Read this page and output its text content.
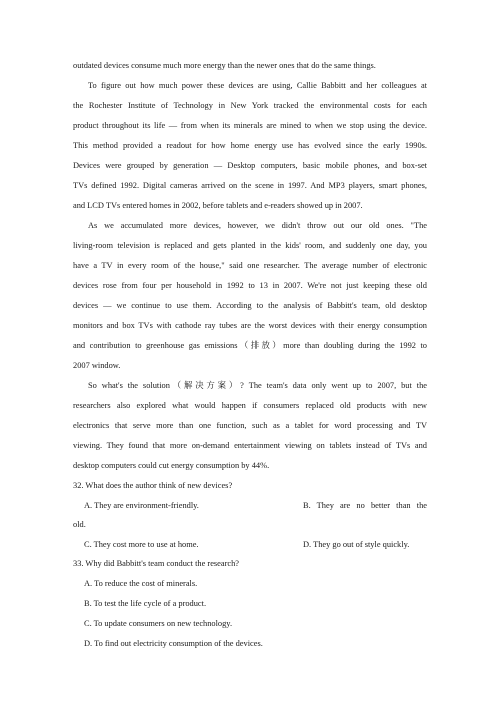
outdated devices consume much more energy than the newer ones that do the same things.
To figure out how much power these devices are using, Callie Babbitt and her colleagues at
the Rochester Institute of Technology in New York tracked the environmental costs for each
product throughout its life — from when its minerals are mined to when we stop using the device.
This method provided a readout for how home energy use has evolved since the early 1990s.
Devices were grouped by generation — Desktop computers, basic mobile phones, and box-set
TVs defined 1992. Digital cameras arrived on the scene in 1997. And MP3 players, smart phones,
and LCD TVs entered homes in 2002, before tablets and e-readers showed up in 2007.
As we accumulated more devices, however, we didn't throw out our old ones. "The
living-room television is replaced and gets planted in the kids' room, and suddenly one day, you
have a TV in every room of the house," said one researcher. The average number of electronic
devices rose from four per household in 1992 to 13 in 2007. We're not just keeping these old
devices — we continue to use them. According to the analysis of Babbitt's team, old desktop
monitors and box TVs with cathode ray tubes are the worst devices with their energy consumption
and contribution to greenhouse gas emissions（排放）more than doubling during the 1992 to
2007 window.
So what's the solution（解决方案）? The team's data only went up to 2007, but the
researchers also explored what would happen if consumers replaced old products with new
electronics that serve more than one function, such as a tablet for word processing and TV
viewing. They found that more on-demand entertainment viewing on tablets instead of TVs and
desktop computers could cut energy consumption by 44%.
32. What does the author think of new devices?
A. They are environment-friendly.	B. They are no better than the
old.
C. They cost more to use at home.	D. They go out of style quickly.
33. Why did Babbitt's team conduct the research?
A. To reduce the cost of minerals.
B. To test the life cycle of a product.
C. To update consumers on new technology.
D. To find out electricity consumption of the devices.
